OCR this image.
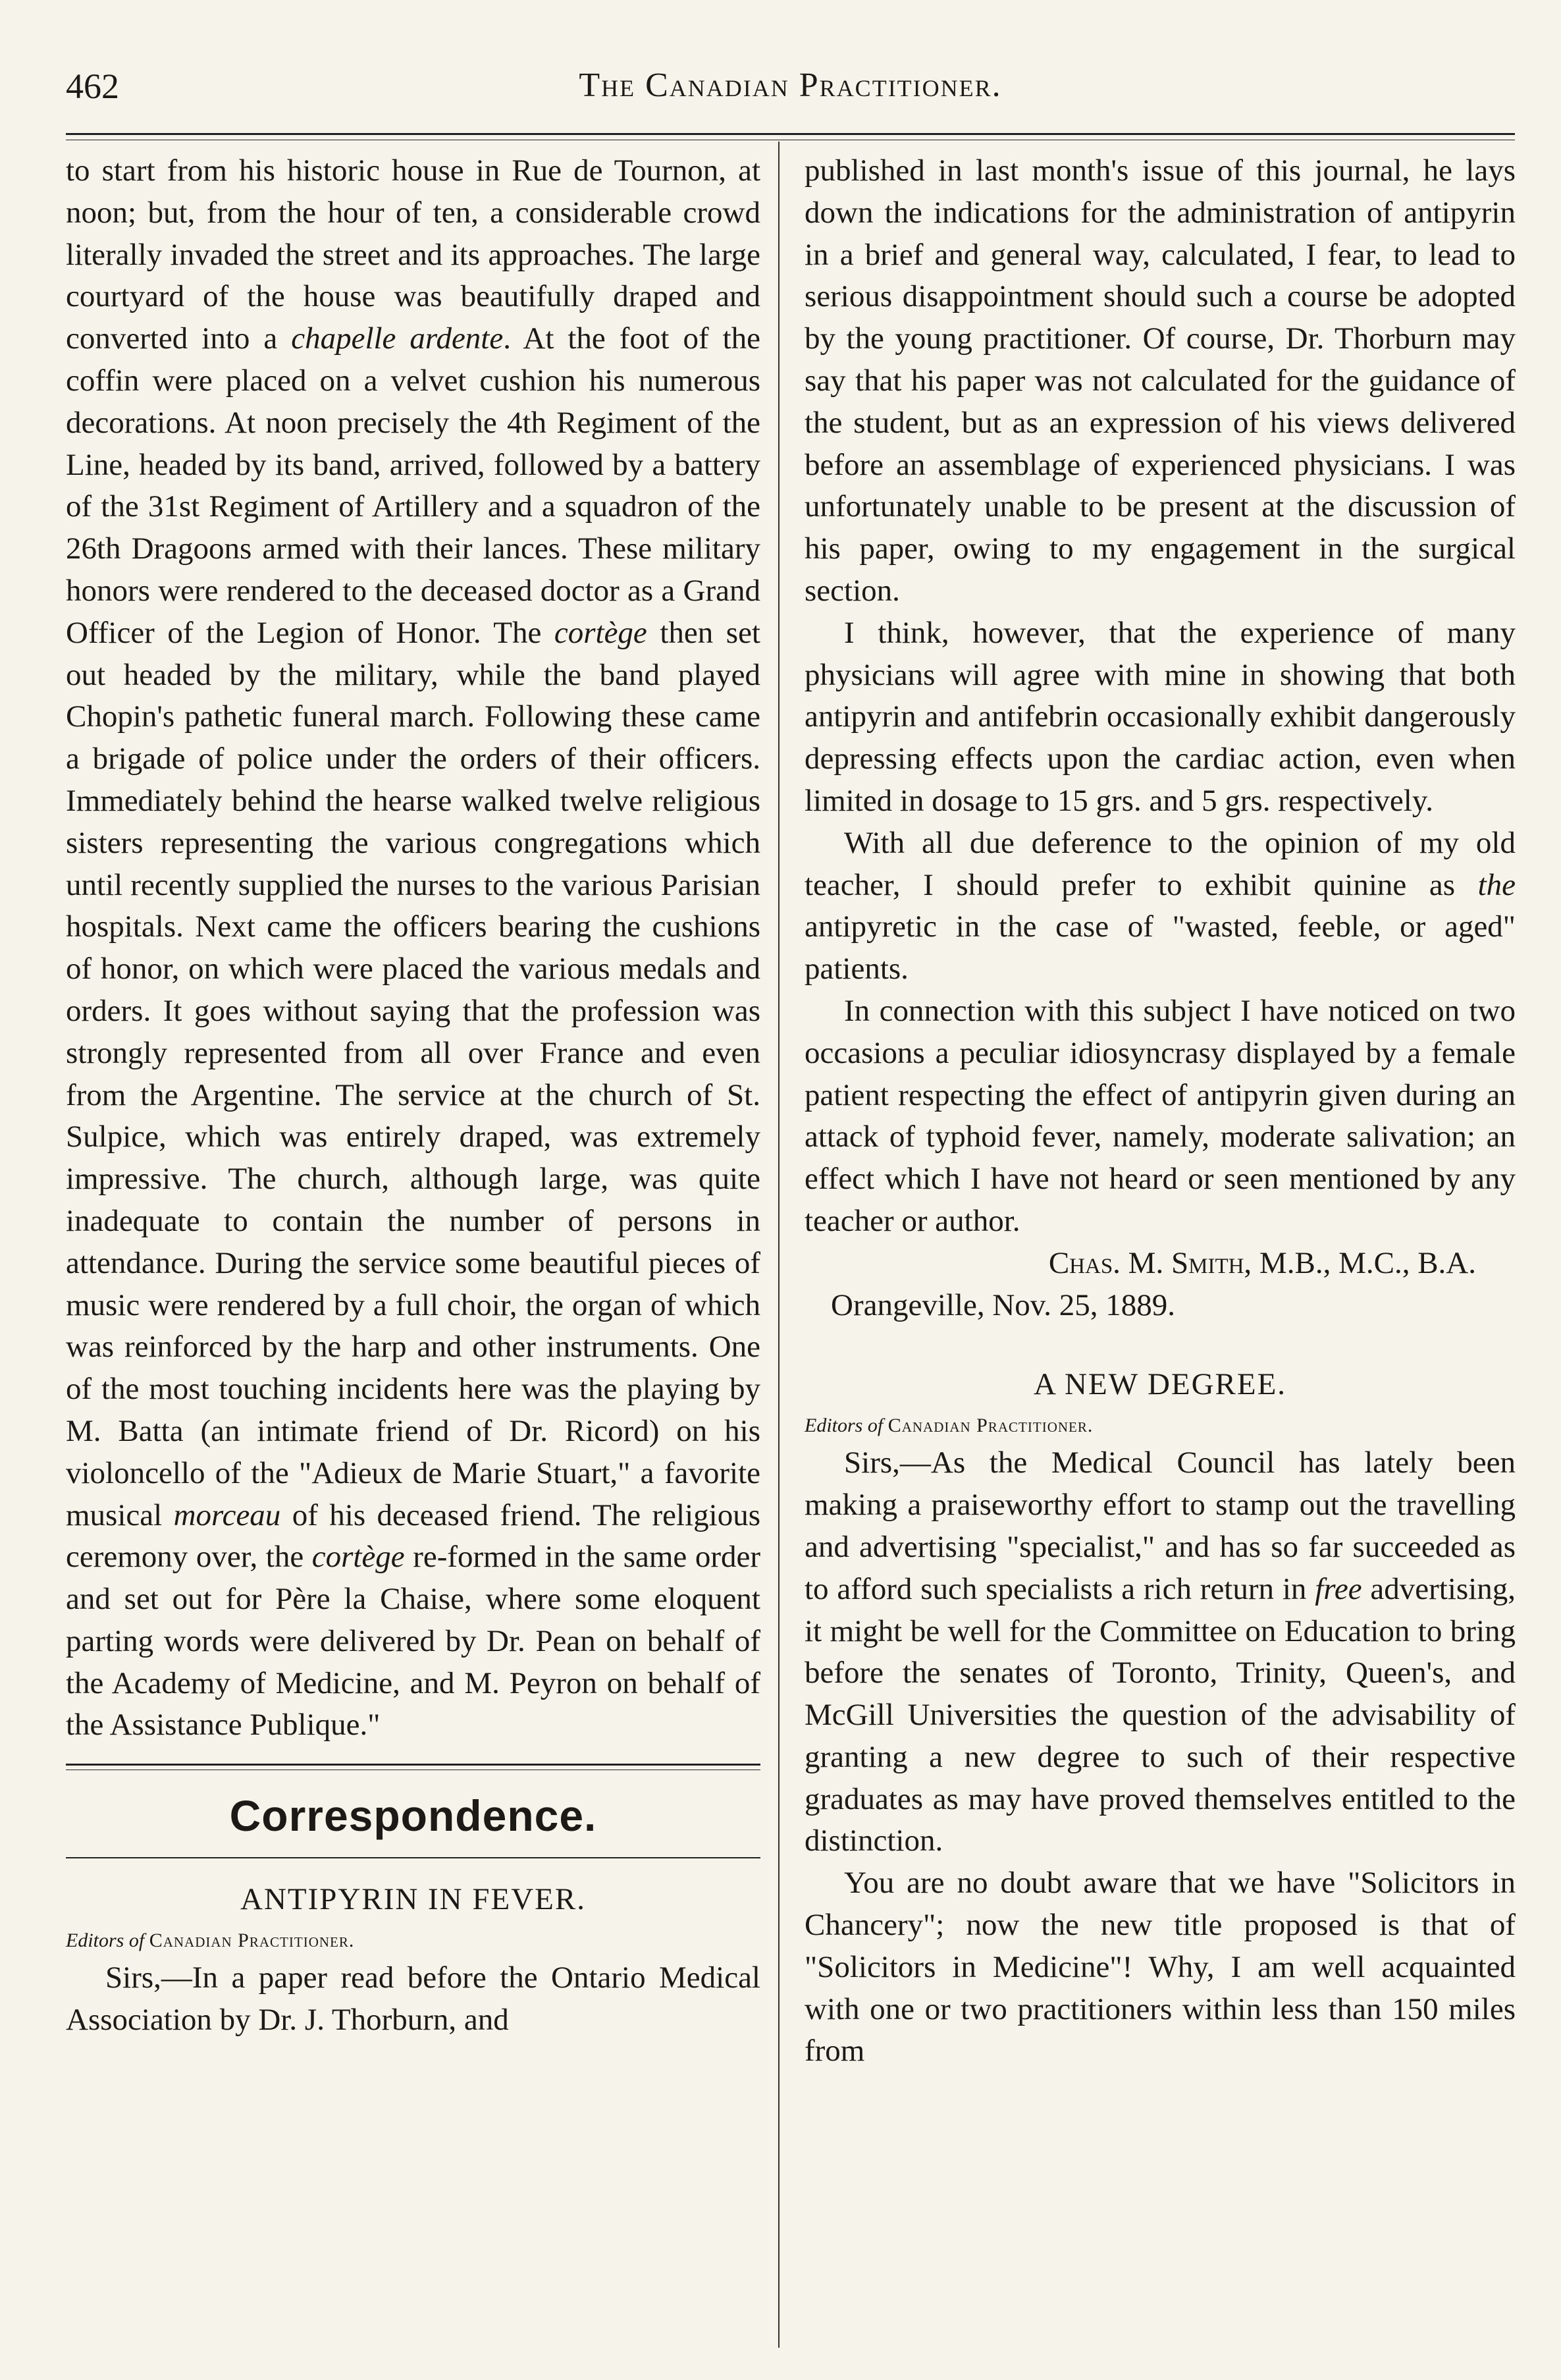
462	The Canadian Practitioner.

to start from his historic house in Rue de Tournon, at noon; but, from the hour of ten, a considerable crowd literally invaded the street and its approaches. The large courtyard of the house was beautifully draped and converted into a chapelle ardente. At the foot of the coffin were placed on a velvet cushion his numerous decorations. At noon precisely the 4th Regiment of the Line, headed by its band, arrived, followed by a battery of the 31st Regiment of Artillery and a squadron of the 26th Dragoons armed with their lances. These military honors were rendered to the deceased doctor as a Grand Officer of the Legion of Honor. The cortège then set out headed by the military, while the band played Chopin's pathetic funeral march. Following these came a brigade of police under the orders of their officers. Immediately behind the hearse walked twelve religious sisters representing the various congregations which until recently supplied the nurses to the various Parisian hospitals. Next came the officers bearing the cushions of honor, on which were placed the various medals and orders. It goes without saying that the profession was strongly represented from all over France and even from the Argentine. The service at the church of St. Sulpice, which was entirely draped, was extremely impressive. The church, although large, was quite inadequate to contain the number of persons in attendance. During the service some beautiful pieces of music were rendered by a full choir, the organ of which was reinforced by the harp and other instruments. One of the most touching incidents here was the playing by M. Batta (an intimate friend of Dr. Ricord) on his violoncello of the "Adieux de Marie Stuart," a favorite musical morceau of his deceased friend. The religious ceremony over, the cortège re-formed in the same order and set out for Père la Chaise, where some eloquent parting words were delivered by Dr. Pean on behalf of the Academy of Medicine, and M. Peyron on behalf of the Assistance Publique."

Correspondence.
ANTIPYRIN IN FEVER.
Editors of Canadian Practitioner.

Sirs,—In a paper read before the Ontario Medical Association by Dr. J. Thorburn, and

published in last month's issue of this journal, he lays down the indications for the administration of antipyrin in a brief and general way, calculated, I fear, to lead to serious disappointment should such a course be adopted by the young practitioner. Of course, Dr. Thorburn may say that his paper was not calculated for the guidance of the student, but as an expression of his views delivered before an assemblage of experienced physicians. I was unfortunately unable to be present at the discussion of his paper, owing to my engagement in the surgical section.

I think, however, that the experience of many physicians will agree with mine in showing that both antipyrin and antifebrin occasionally exhibit dangerously depressing effects upon the cardiac action, even when limited in dosage to 15 grs. and 5 grs. respectively.

With all due deference to the opinion of my old teacher, I should prefer to exhibit quinine as the antipyretic in the case of "wasted, feeble, or aged" patients.

In connection with this subject I have noticed on two occasions a peculiar idiosyncrasy displayed by a female patient respecting the effect of antipyrin given during an attack of typhoid fever, namely, moderate salivation; an effect which I have not heard or seen mentioned by any teacher or author.

Chas. M. Smith, M.B., M.C., B.A.

Orangeville, Nov. 25, 1889.

A NEW DEGREE.
Editors of Canadian Practitioner.

Sirs,—As the Medical Council has lately been making a praiseworthy effort to stamp out the travelling and advertising "specialist," and has so far succeeded as to afford such specialists a rich return in free advertising, it might be well for the Committee on Education to bring before the senates of Toronto, Trinity, Queen's, and McGill Universities the question of the advisability of granting a new degree to such of their respective graduates as may have proved themselves entitled to the distinction.

You are no doubt aware that we have "Solicitors in Chancery"; now the new title proposed is that of "Solicitors in Medicine"! Why, I am well acquainted with one or two practitioners within less than 150 miles from
